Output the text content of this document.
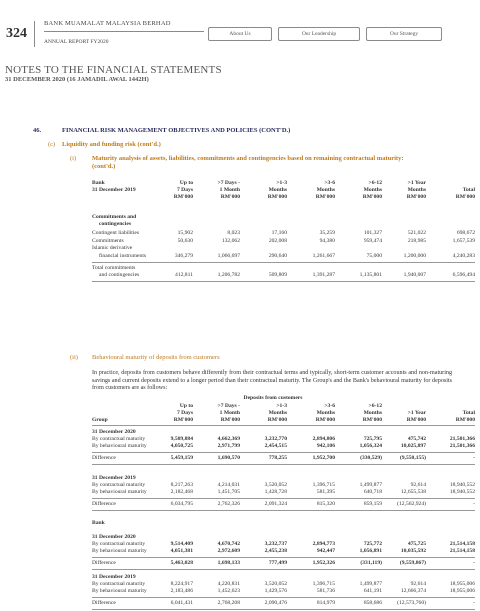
324
BANK MUAMALAT MALAYSIA BERHAD
ANNUAL REPORT FY2020
About Us	Our Leadership	Our Strategy
NOTES TO THE FINANCIAL STATEMENTS
31 DECEMBER 2020 (16 JAMADIL AWAL 1442H)
46.	FINANCIAL RISK MANAGEMENT OBJECTIVES AND POLICIES (CONT'D.)
(c) Liquidity and funding risk (cont'd.)
(i) Maturity analysis of assets, liabilities, commitments and contingencies based on remaining contractual maturity:
(cont'd.)
Bank
31 December 2019
Up to
7 Days
RM'000
>7 Days -
1 Month
RM'000
>1-3
Months
RM'000
>3-6
Months
RM'000
>6-12
Months
RM'000
>1 Year
Months
RM'000
Total
RM'000
Commitments and
contingencies
Contingent liabilities	15,902	8,023	17,160	35,259	101,327	521,022	698,672
Commitments	50,630	132,062	202,008	94,380	959,474	218,985	1,657,539
Islamic derivative
financial instruments	346,279	1,066,697	290,640	1,261,667	75,000	1,200,000	4,240,283
Total commitments
and contingencies	412,811	1,206,782	509,809	1,391,287	1,135,801	1,940,007	6,596,494
(ii) Behavioural maturity of deposits from customers
In practice, deposits from customers behave differently from their contractual terms and typically, short-term customer accounts and non-maturing savings and current deposits extend to a longer period than their contractual maturity. The Group's and the Bank's behavioural maturity for deposits from customers are as follows:
Deposits from customers
Up to
7 Days
RM'000
>7 Days -
1 Month
RM'000
>1-3
Months
RM'000
>3-6
Months
RM'000
>6-12
Months
RM'000
>1 Year
RM'000
Total
RM'000
Group
31 December 2020
By contractual maturity	9,509,884	4,662,369	3,232,770	2,894,806	725,795	475,742	21,501,366
By behavioural maturity	4,050,725	2,971,799	2,454,515	942,106	1,056,324	10,025,897	21,501,366
Difference	5,459,159	1,690,570	778,255	1,952,700	(330,529)	(9,550,155)	-
31 December 2019
By contractual maturity	8,217,263	4,214,031	3,520,052	1,396,715	1,499,877	92,614	18,940,552
By behavioural maturity	2,182,468	1,451,705	1,428,728	581,395	640,718	12,655,538	18,940,552
Difference	6,034,795	2,762,326	2,091,324	815,320	859,159	(12,562,924)	-
Bank
31 December 2020
By contractual maturity	9,514,409	4,670,742	3,232,737	2,894,773	725,772	475,725	21,514,158
By behavioural maturity	4,051,381	2,972,609	2,455,238	942,447	1,056,891	10,035,592	21,514,158
Difference	5,463,028	1,698,133	777,499	1,952,326	(331,119)	(9,559,867)	-
31 December 2019
By contractual maturity	8,224,917	4,220,831	3,520,052	1,396,715	1,499,877	92,614	18,955,006
By behavioural maturity	2,183,486	1,452,623	1,429,576	581,736	641,191	12,666,374	18,955,006
Difference	6,041,431	2,768,208	2,090,476	814,979	858,686	(12,573,760)	-
